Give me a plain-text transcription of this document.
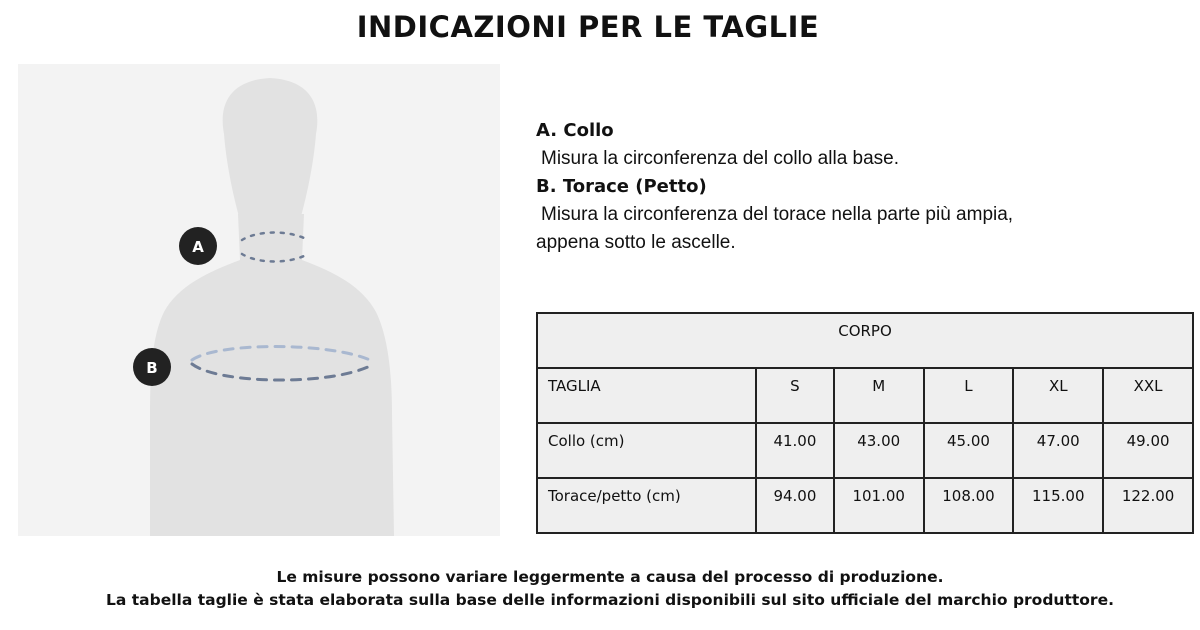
INDICAZIONI PER LE TAGLIE
A
B
A. Collo
Misura la circonferenza del collo alla base.
B. Torace (Petto)
Misura la circonferenza del torace nella parte più ampia,
appena sotto le ascelle.
CORPO					
TAGLIA	S	M	L	XL	XXL
Collo (cm)	41.00	43.00	45.00	47.00	49.00
Torace/petto (cm)	94.00	101.00	108.00	115.00	122.00
Le misure possono variare leggermente a causa del processo di produzione.
La tabella taglie è stata elaborata sulla base delle informazioni disponibili sul sito ufficiale del marchio produttore.
